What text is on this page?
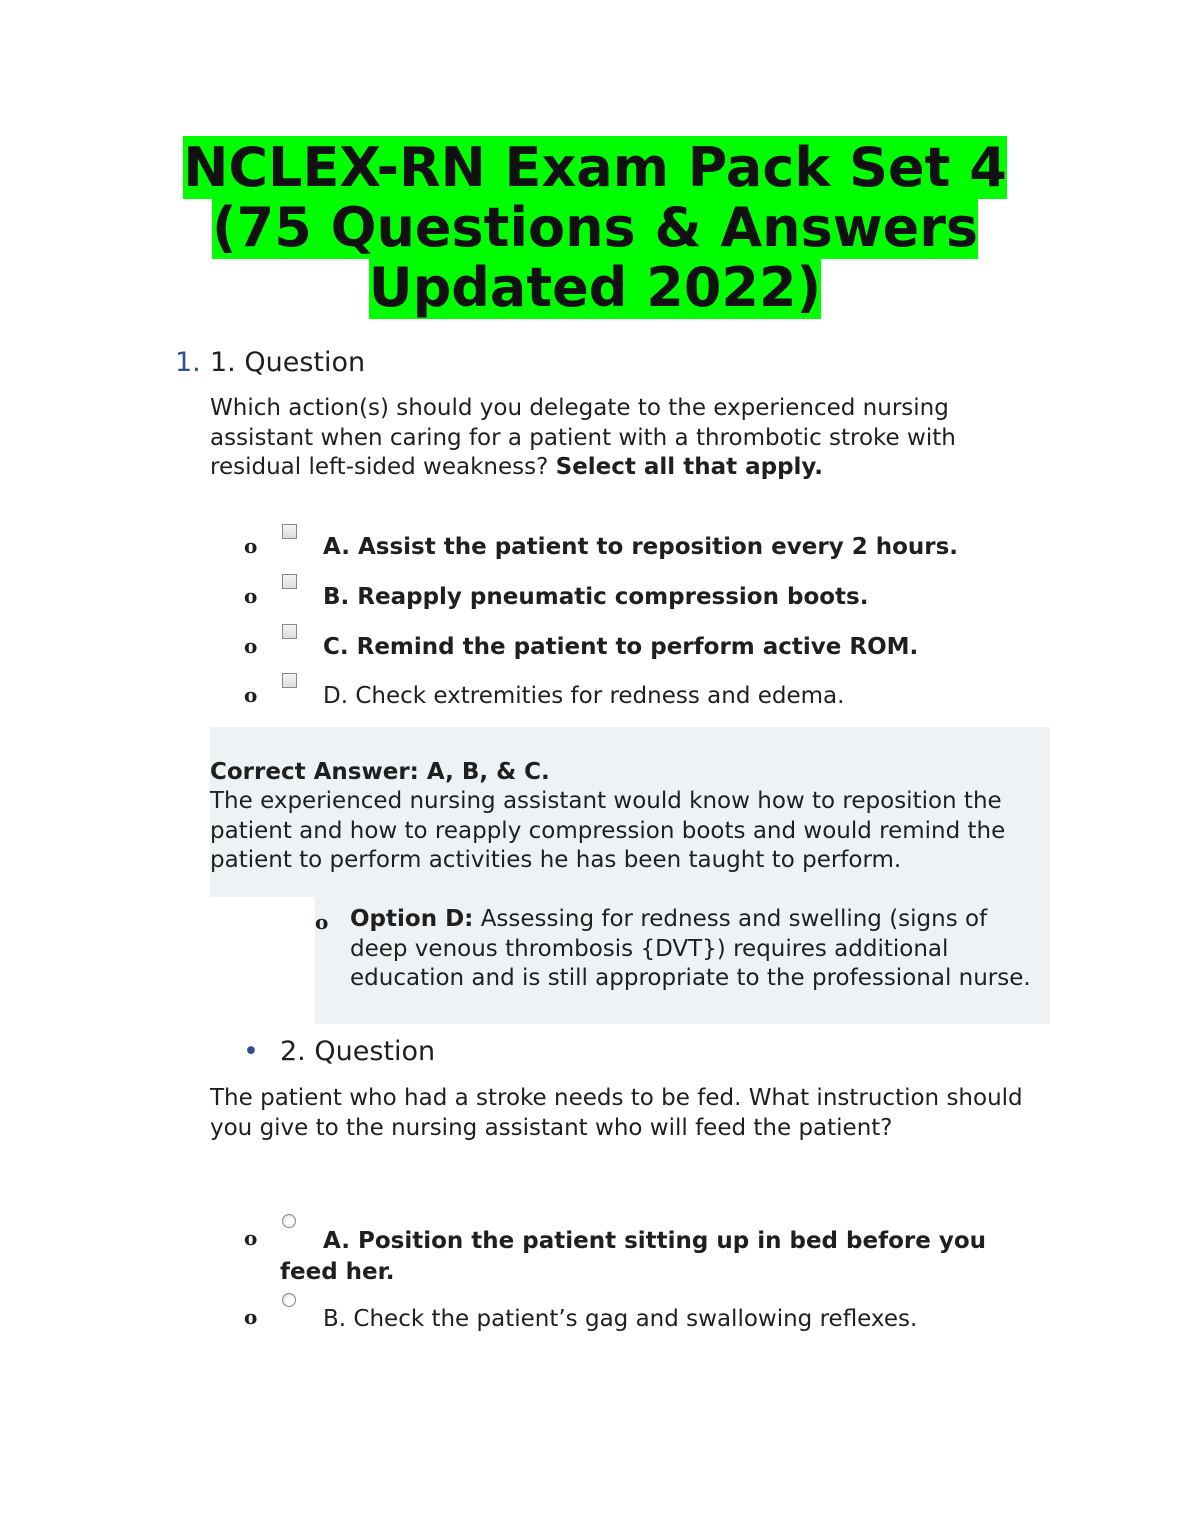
NCLEX-RN Exam Pack Set 4 (75 Questions & Answers Updated 2022)
1. 1. Question

Which action(s) should you delegate to the experienced nursing assistant when caring for a patient with a thrombotic stroke with residual left-sided weakness? Select all that apply.

o	A. Assist the patient to reposition every 2 hours.
o	B. Reapply pneumatic compression boots.
o	C. Remind the patient to perform active ROM.
o	D. Check extremities for redness and edema.
Correct Answer: A, B, & C.

The experienced nursing assistant would know how to reposition the patient and how to reapply compression boots and would remind the patient to perform activities he has been taught to perform.

o Option D: Assessing for redness and swelling (signs of deep venous thrombosis {DVT}) requires additional education and is still appropriate to the professional nurse.

• 2. Question

The patient who had a stroke needs to be fed. What instruction should you give to the nursing assistant who will feed the patient?

o	A. Position the patient sitting up in bed before you feed her.

o	B. Check the patient’s gag and swallowing reflexes.
